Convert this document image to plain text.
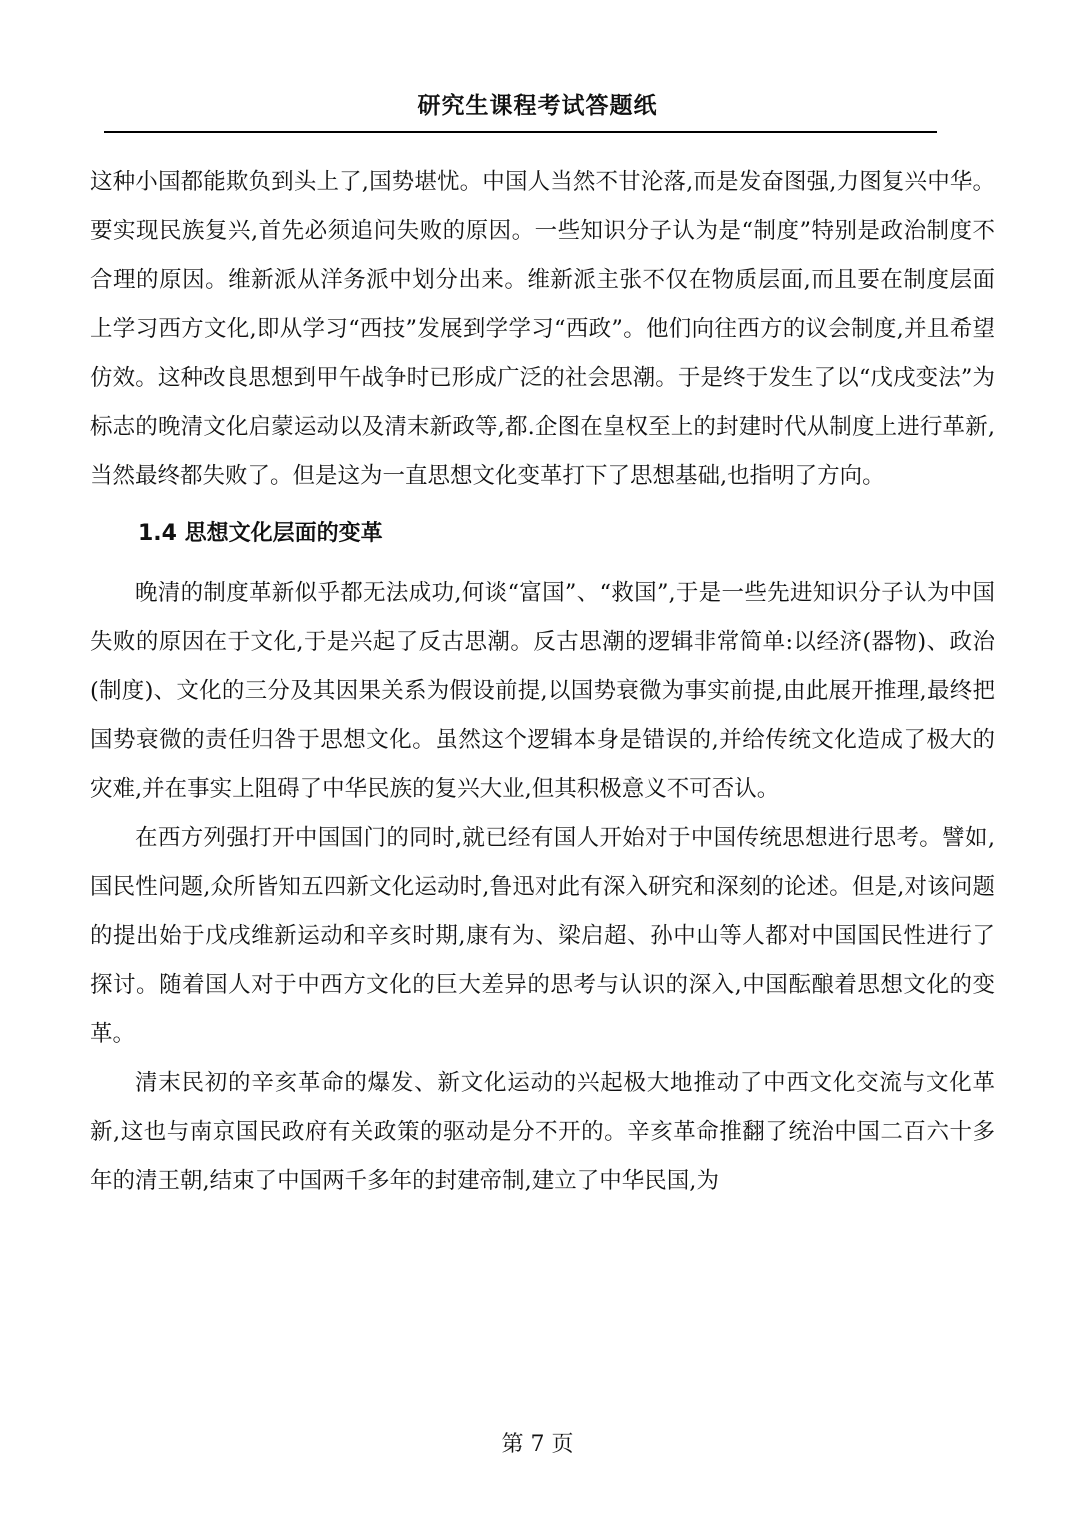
研究生课程考试答题纸

这种小国都能欺负到头上了,国势堪忧。中国人当然不甘沦落,而是发奋图强,力图复兴中华。要实现民族复兴,首先必须追问失败的原因。一些知识分子认为是“制度”特别是政治制度不合理的原因。维新派从洋务派中划分出来。维新派主张不仅在物质层面,而且要在制度层面上学习西方文化,即从学习“西技”发展到学学习“西政”。他们向往西方的议会制度,并且希望仿效。这种改良思想到甲午战争时已形成广泛的社会思潮。于是终于发生了以“戊戌变法”为标志的晚清文化启蒙运动以及清末新政等,都.企图在皇权至上的封建时代从制度上进行革新,当然最终都失败了。但是这为一直思想文化变革打下了思想基础,也指明了方向。

1.4 思想文化层面的变革

晚清的制度革新似乎都无法成功,何谈“富国”、“救国”,于是一些先进知识分子认为中国失败的原因在于文化,于是兴起了反古思潮。反古思潮的逻辑非常简单:以经济(器物)、政治(制度)、文化的三分及其因果关系为假设前提,以国势衰微为事实前提,由此展开推理,最终把国势衰微的责任归咎于思想文化。虽然这个逻辑本身是错误的,并给传统文化造成了极大的灾难,并在事实上阻碍了中华民族的复兴大业,但其积极意义不可否认。

在西方列强打开中国国门的同时,就已经有国人开始对于中国传统思想进行思考。譬如,国民性问题,众所皆知五四新文化运动时,鲁迅对此有深入研究和深刻的论述。但是,对该问题的提出始于戊戌维新运动和辛亥时期,康有为、梁启超、孙中山等人都对中国国民性进行了探讨。随着国人对于中西方文化的巨大差异的思考与认识的深入,中国酝酿着思想文化的变革。

清末民初的辛亥革命的爆发、新文化运动的兴起极大地推动了中西文化交流与文化革新,这也与南京国民政府有关政策的驱动是分不开的。辛亥革命推翻了统治中国二百六十多年的清王朝,结束了中国两千多年的封建帝制,建立了中华民国,为

第 7 页
